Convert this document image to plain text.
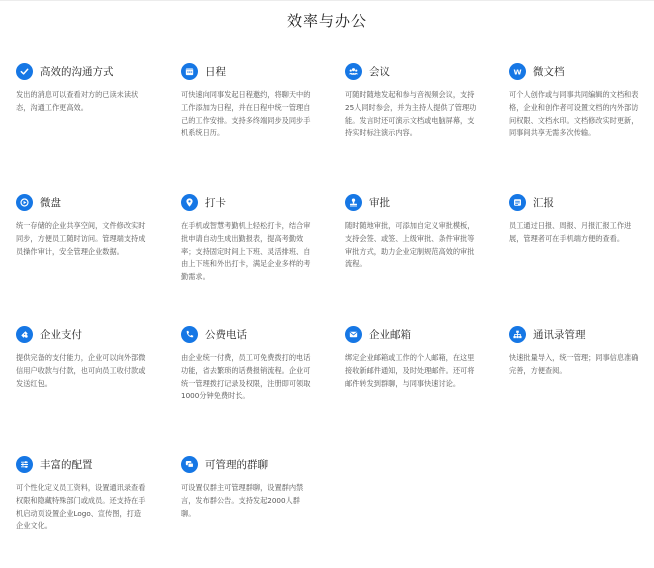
效率与办公
高效的沟通方式
发出的消息可以查看对方的已读未读状态，沟通工作更高效。
日程
可快速向同事发起日程邀约，将聊天中的工作添加为日程，并在日程中统一管理自己的工作安排。支持多终端同步及同步手机系统日历。
会议
可随时随地发起和参与音视频会议，支持25人同时参会，并为主持人提供了管理功能。发言时还可演示文档或电脑屏幕，支持实时标注演示内容。
W 微文档
可个人创作或与同事共同编辑的文档和表格，企业和创作者可设置文档的内外部访问权限、文档水印。文档修改实时更新，同事间共享无需多次传输。
微盘
统一存储的企业共享空间，文件修改实时同步，方便员工随时访问。管理端支持成员操作审计，安全管理企业数据。
打卡
在手机或智慧考勤机上轻松打卡，结合审批申请自动生成出勤报表，提高考勤效率；支持固定时间上下班、灵活排班、自由上下班和外出打卡，满足企业多样的考勤需求。
审批
随时随地审批，可添加自定义审批模板，支持会签、或签、上级审批、条件审批等审批方式，助力企业定制规范高效的审批流程。
汇报
员工通过日报、周报、月报汇报工作进展，管理者可在手机端方便的查看。
企业支付
提供完备的支付能力，企业可以向外部微信用户收款与付款，也可向员工收付款或发送红包。
公费电话
由企业统一付费，员工可免费拨打的电话功能，省去繁琐的话费报销流程。企业可统一管理拨打记录及权限，注册即可领取1000分钟免费时长。
企业邮箱
绑定企业邮箱或工作的个人邮箱，在这里接收新邮件通知，及时处理邮件。还可将邮件转发到群聊，与同事快速讨论。
通讯录管理
快速批量导入，统一管理；同事信息准确完善，方便查阅。
丰富的配置
可个性化定义员工资料，设置通讯录查看权限和隐藏特殊部门或成员。还支持在手机启动页设置企业Logo、宣传图，打造企业文化。
可管理的群聊
可设置仅群主可管理群聊，设置群内禁言，发布群公告。支持发起2000人群聊。
